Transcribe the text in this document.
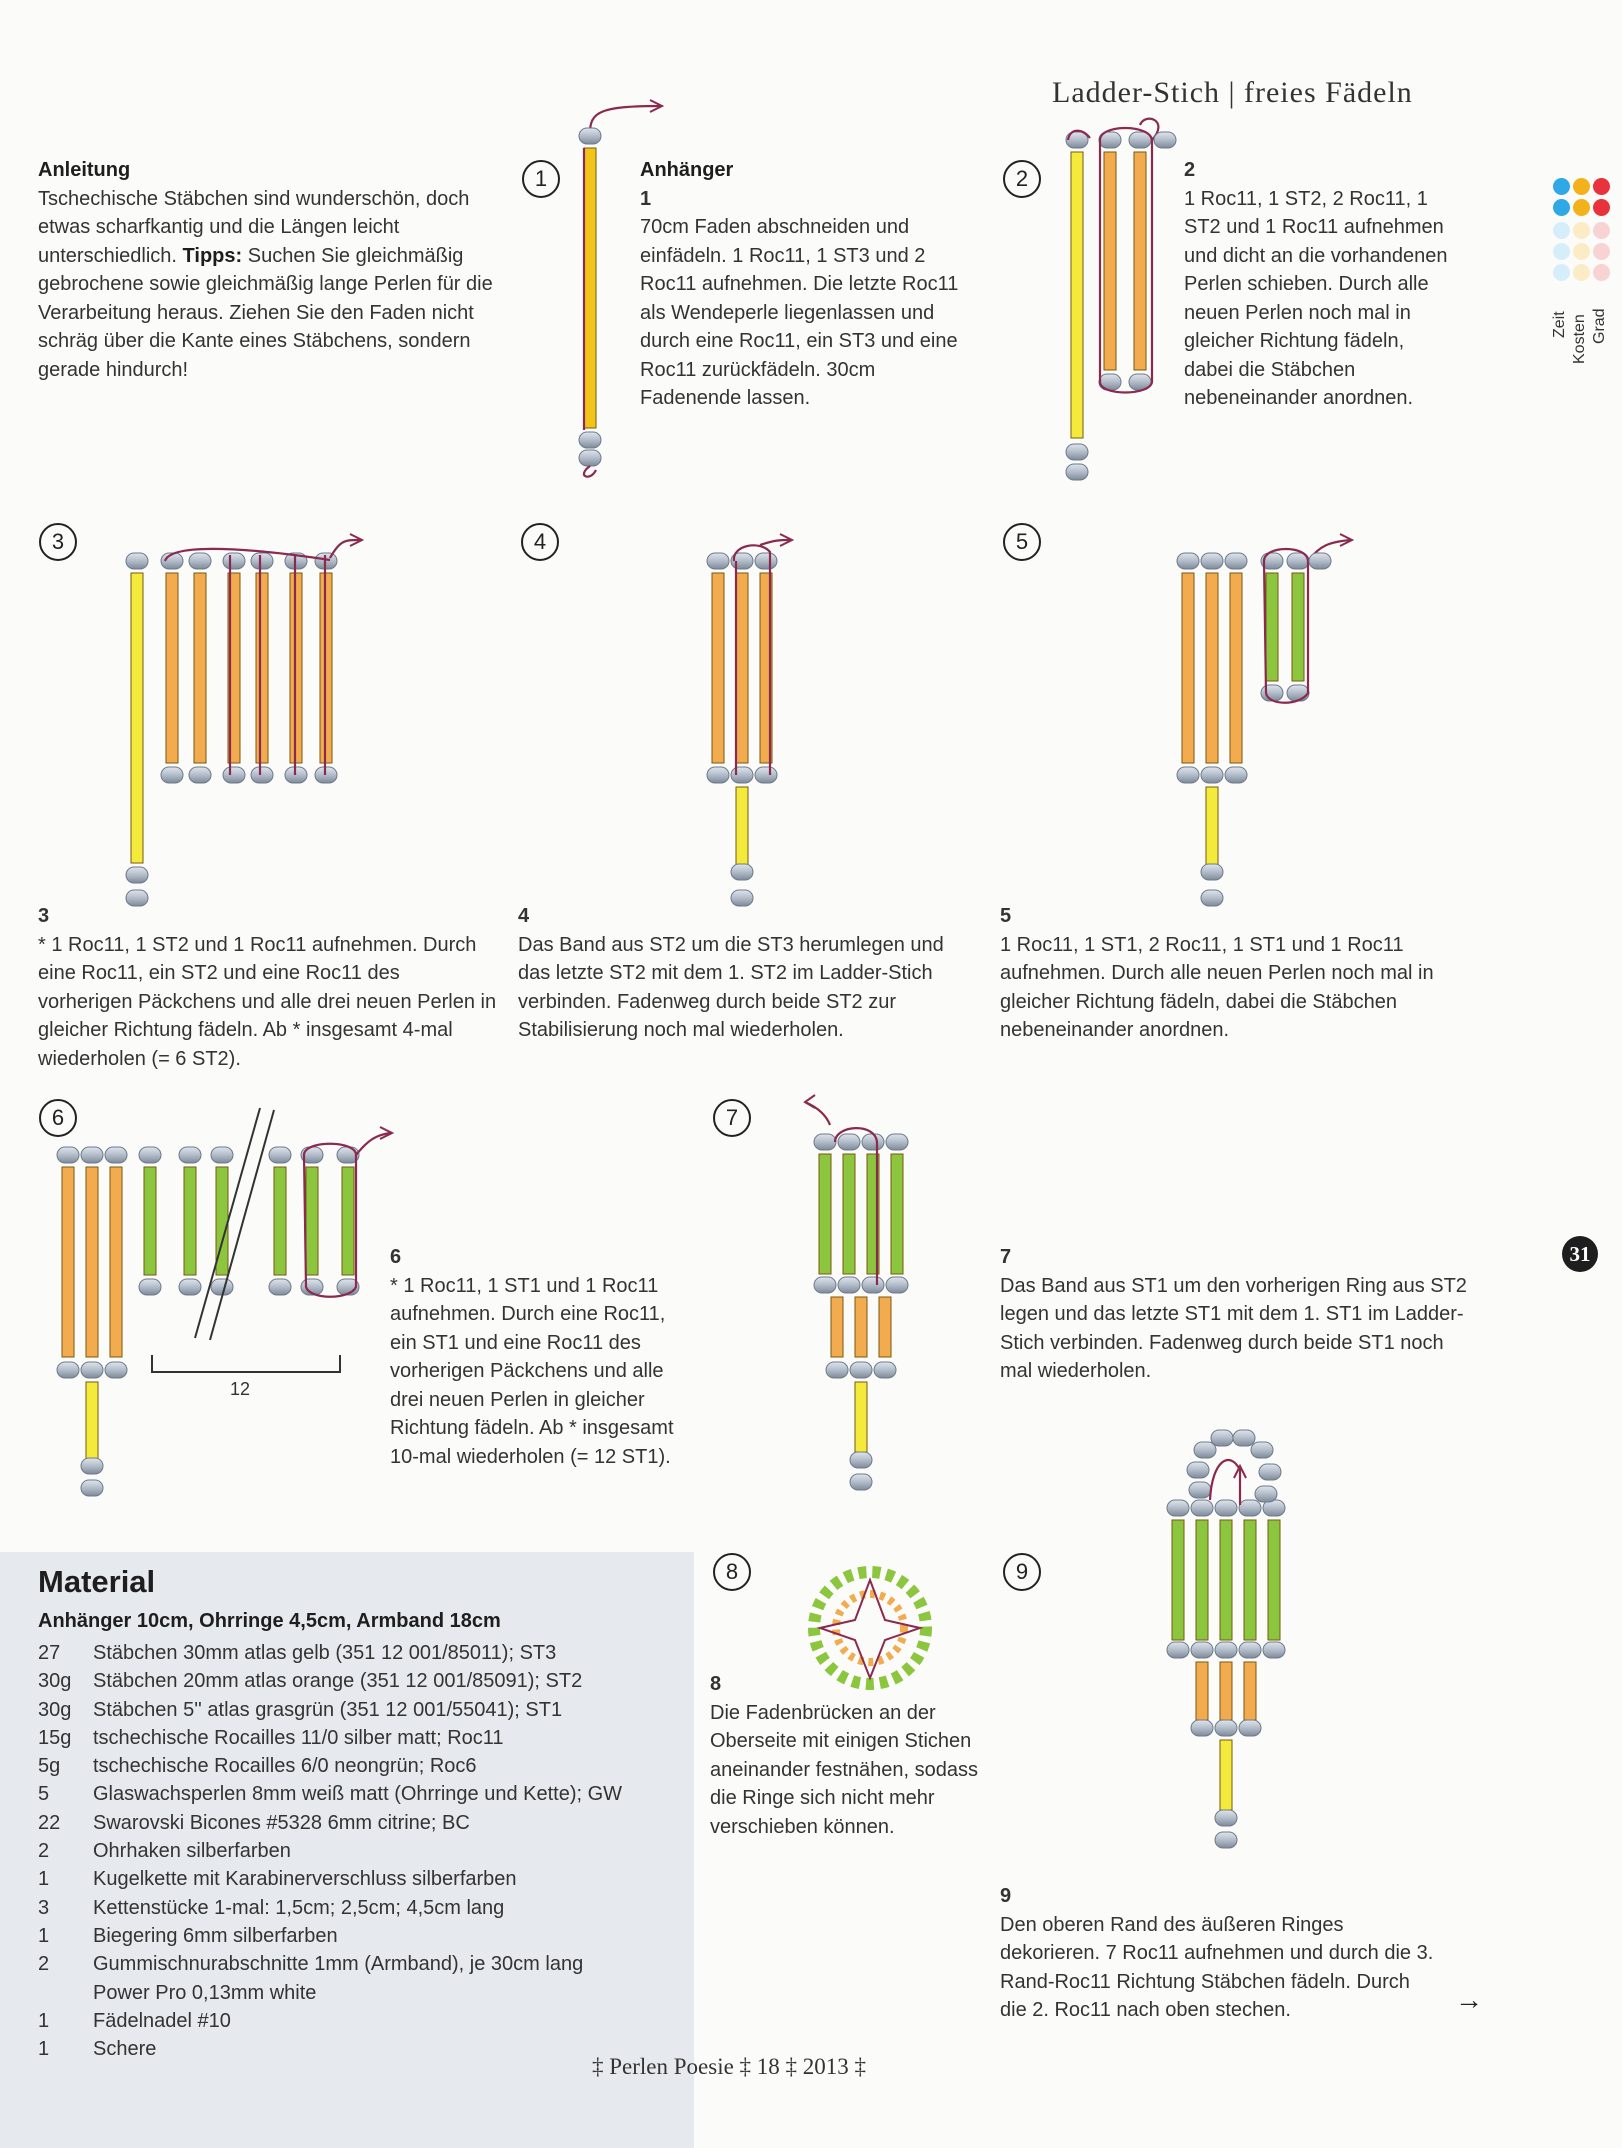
Ladder-Stich | freies Fädeln
Zeit Kosten Grad
31
Anleitung
Tschechische Stäbchen sind wunderschön, doch etwas scharfkantig und die Längen leicht unterschiedlich. Tipps: Suchen Sie gleichmäßig gebrochene sowie gleichmäßig lange Perlen für die Verarbeitung heraus. Ziehen Sie den Faden nicht schräg über die Kante eines Stäbchens, sondern gerade hindurch!
1	2
3	4	5
6	7
8	9
Anhänger
1
70cm Faden abschneiden und einfädeln. 1 Roc11, 1 ST3 und 2 Roc11 aufnehmen. Die letzte Roc11 als Wendeperle liegenlassen und durch eine Roc11, ein ST3 und eine Roc11 zurückfädeln. 30cm Fadenende lassen.
2
1 Roc11, 1 ST2, 2 Roc11, 1 ST2 und 1 Roc11 aufnehmen und dicht an die vorhandenen Perlen schieben. Durch alle neuen Perlen noch mal in gleicher Richtung fädeln, dabei die Stäbchen nebeneinander anordnen.
3
* 1 Roc11, 1 ST2 und 1 Roc11 aufnehmen. Durch eine Roc11, ein ST2 und eine Roc11 des vorherigen Päckchens und alle drei neuen Perlen in gleicher Richtung fädeln. Ab * insgesamt 4-mal wiederholen (= 6 ST2).
4
Das Band aus ST2 um die ST3 herumlegen und das letzte ST2 mit dem 1. ST2 im Ladder-Stich verbinden. Fadenweg durch beide ST2 zur Stabilisierung noch mal wiederholen.
5
1 Roc11, 1 ST1, 2 Roc11, 1 ST1 und 1 Roc11 aufnehmen. Durch alle neuen Perlen noch mal in gleicher Richtung fädeln, dabei die Stäbchen nebeneinander anordnen.
6
* 1 Roc11, 1 ST1 und 1 Roc11 aufnehmen. Durch eine Roc11, ein ST1 und eine Roc11 des vorherigen Päckchens und alle drei neuen Perlen in gleicher Richtung fädeln. Ab * insgesamt 10-mal wiederholen (= 12 ST1).
7
Das Band aus ST1 um den vorherigen Ring aus ST2 legen und das letzte ST1 mit dem 1. ST1 im Ladder-Stich verbinden. Fadenweg durch beide ST1 noch mal wiederholen.
8
Die Fadenbrücken an der Oberseite mit einigen Stichen aneinander festnähen, sodass die Ringe sich nicht mehr verschieben können.
9
Den oberen Rand des äußeren Ringes dekorieren. 7 Roc11 aufnehmen und durch die 3. Rand-Roc11 Richtung Stäbchen fädeln. Durch die 2. Roc11 nach oben stechen.	→
Material
Anhänger 10cm, Ohrringe 4,5cm, Armband 18cm
27	Stäbchen 30mm atlas gelb (351 12 001/85011); ST3
30g	Stäbchen 20mm atlas orange (351 12 001/85091); ST2
30g	Stäbchen 5'' atlas grasgrün (351 12 001/55041); ST1
15g	tschechische Rocailles 11/0 silber matt; Roc11
5g	tschechische Rocailles 6/0 neongrün; Roc6
5	Glaswachsperlen 8mm weiß matt (Ohrringe und Kette); GW
22	Swarovski Bicones #5328 6mm citrine; BC
2	Ohrhaken silberfarben
1	Kugelkette mit Karabinerverschluss silberfarben
3	Kettenstücke 1-mal: 1,5cm; 2,5cm; 4,5cm lang
1	Biegering 6mm silberfarben
2	Gummischnurabschnitte 1mm (Armband), je 30cm lang
Power Pro 0,13mm white
1	Fädelnadel #10
1	Schere
‡ Perlen Poesie ‡ 18 ‡ 2013 ‡
12
